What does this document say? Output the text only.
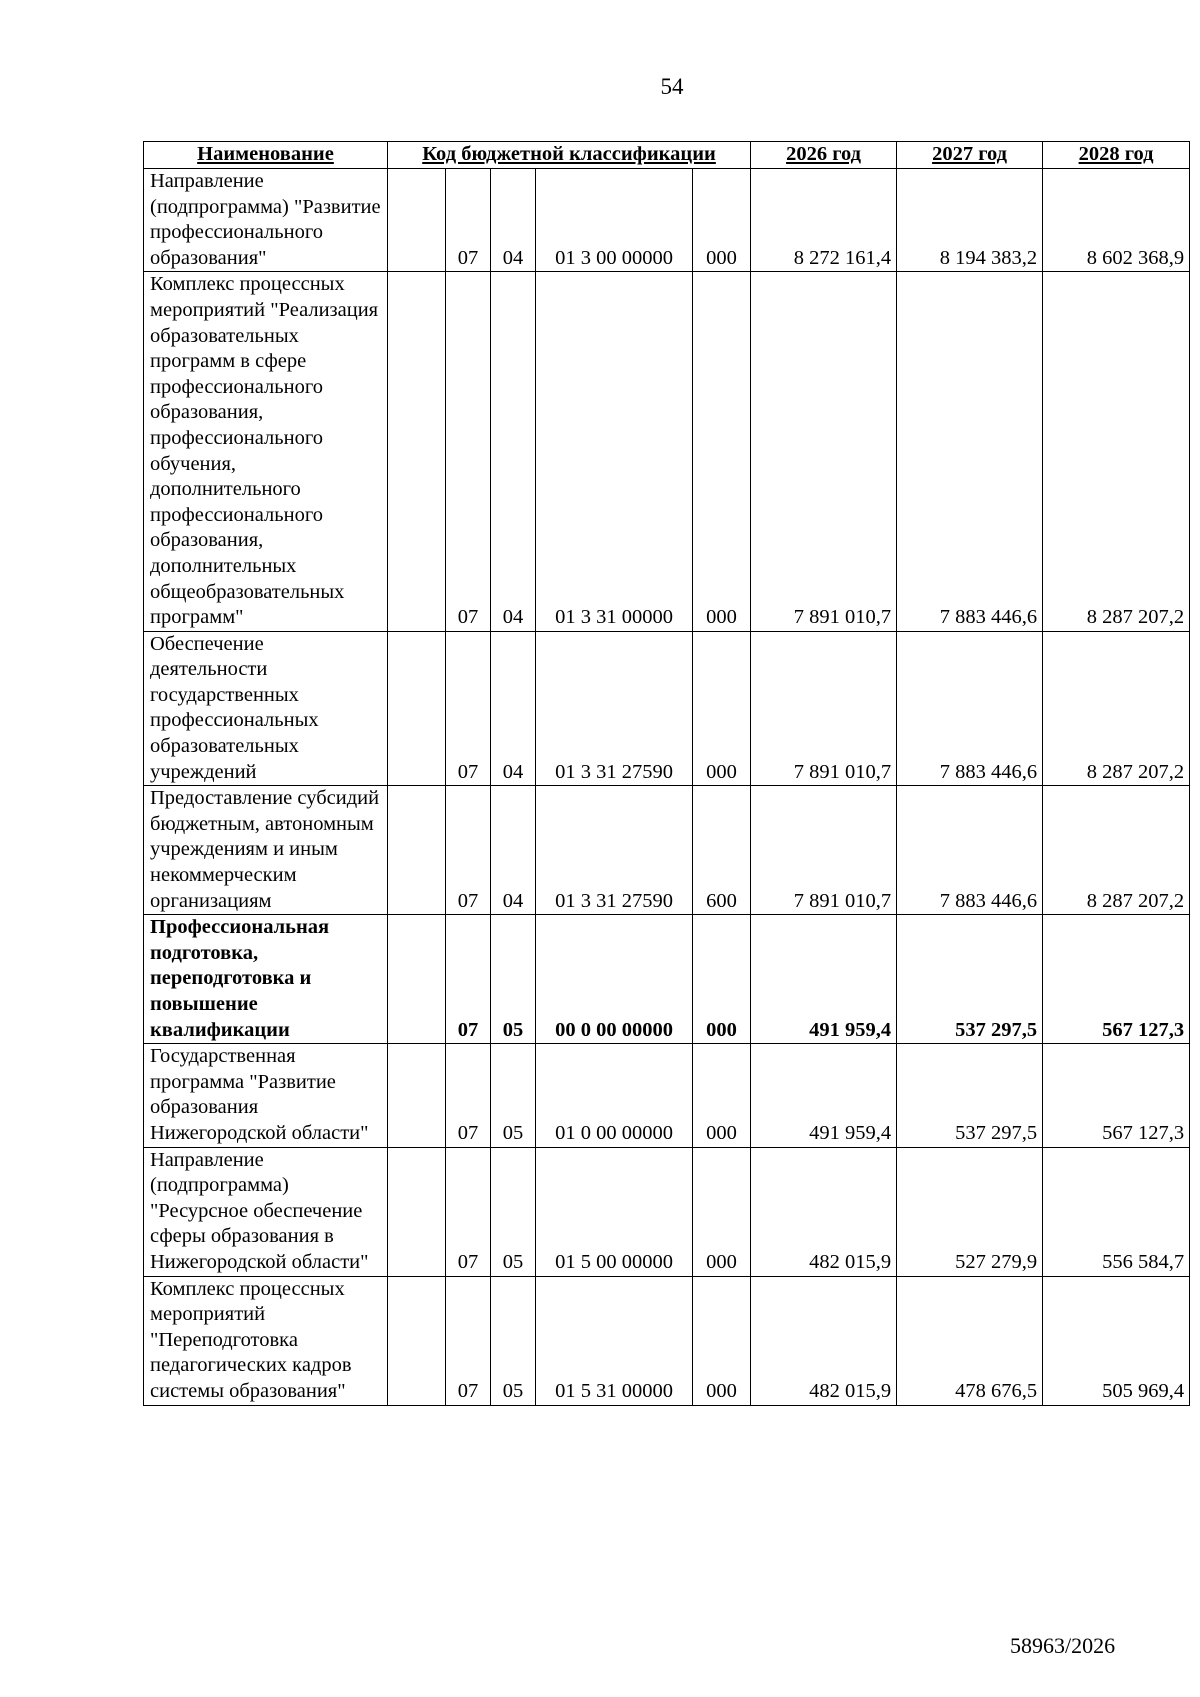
54
Наименование	Код бюджетной классификации					2026 год	2027 год	2028 год
Направление (подпрограмма) "Развитие профессионального образования"		07	04	01 3 00 00000	000	8 272 161,4	8 194 383,2	8 602 368,9
Комплекс процессных мероприятий "Реализация образовательных программ в сфере профессионального образования, профессионального обучения, дополнительного профессионального образования, дополнительных общеобразовательных программ"		07	04	01 3 31 00000	000	7 891 010,7	7 883 446,6	8 287 207,2
Обеспечение деятельности государственных профессиональных образовательных учреждений		07	04	01 3 31 27590	000	7 891 010,7	7 883 446,6	8 287 207,2
Предоставление субсидий бюджетным, автономным учреждениям и иным некоммерческим организациям		07	04	01 3 31 27590	600	7 891 010,7	7 883 446,6	8 287 207,2
Профессиональная подготовка, переподготовка и повышение квалификации		07	05	00 0 00 00000	000	491 959,4	537 297,5	567 127,3
Государственная программа "Развитие образования Нижегородской области"		07	05	01 0 00 00000	000	491 959,4	537 297,5	567 127,3
Направление (подпрограмма) "Ресурсное обеспечение сферы образования в Нижегородской области"		07	05	01 5 00 00000	000	482 015,9	527 279,9	556 584,7
Комплекс процессных мероприятий "Переподготовка педагогических кадров системы образования"		07	05	01 5 31 00000	000	482 015,9	478 676,5	505 969,4
58963/2026
